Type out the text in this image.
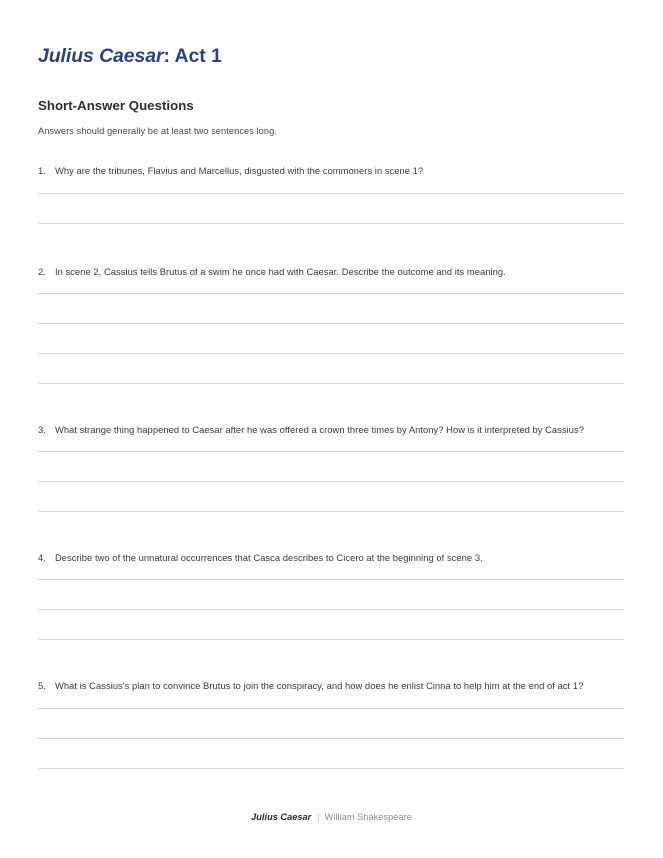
Julius Caesar: Act 1
Short-Answer Questions

Answers should generally be at least two sentences long.

1. Why are the tribunes, Flavius and Marcellus, disgusted with the commoners in scene 1?
2. In scene 2, Cassius tells Brutus of a swim he once had with Caesar. Describe the outcome and its meaning.
3. What strange thing happened to Caesar after he was offered a crown three times by Antony? How is it interpreted by Cassius?
4. Describe two of the unnatural occurrences that Casca describes to Cicero at the beginning of scene 3.
5. What is Cassius's plan to convince Brutus to join the conspiracy, and how does he enlist Cinna to help him at the end of act 1?
Julius Caesar | William Shakespeare
